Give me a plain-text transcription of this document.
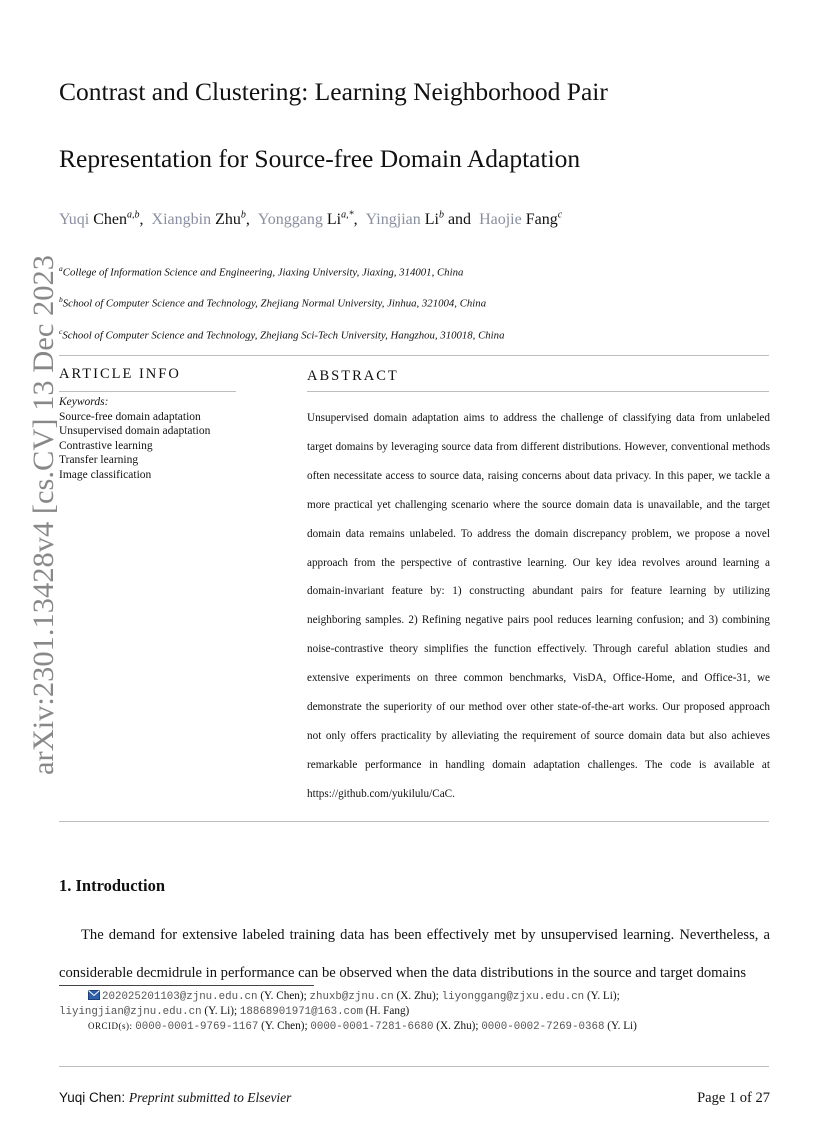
arXiv:2301.13428v4 [cs.CV] 13 Dec 2023
Contrast and Clustering: Learning Neighborhood Pair
Representation for Source-free Domain Adaptation
Yuqi Chen$^{a,b}$, Xiangbin Zhu$^b$, Yonggang $Li^{a,*}$, Yingjian Li$^b$ and Haojie Fang$^c$
$^a$College of Information Science and Engineering, Jiaxing University, Jiaxing, 314001, China
$^b$School of Computer Science and Technology, Zhejiang Normal University, Jinhua, 321004, China
$^c$School of Computer Science and Technology, Zhejiang Sci-Tech University, Hangzhou, 310018, China
ARTICLE INFO
Keywords:
Source-free domain adaptation
Unsupervised domain adaptation
Contrastive learning
Transfer learning
Image classification
ABSTRACT
Unsupervised domain adaptation aims to address the challenge of classifying data from unlabeled target domains by leveraging source data from different distributions. However, conventional methods often necessitate access to source data, raising concerns about data privacy. In this paper, we tackle a more practical yet challenging scenario where the source domain data is unavailable, and the target domain data remains unlabeled. To address the domain discrepancy problem, we propose a novel approach from the perspective of contrastive learning. Our key idea revolves around learning a domain-invariant feature by: 1) constructing abundant pairs for feature learning by utilizing neighboring samples. 2) Refining negative pairs pool reduces learning confusion; and 3) combining noise-contrastive theory simplifies the function effectively. Through careful ablation studies and extensive experiments on three common benchmarks, VisDA, Office-Home, and Office-31, we demonstrate the superiority of our method over other state-of-the-art works. Our proposed approach not only offers practicality by alleviating the requirement of source domain data but also achieves remarkable performance in handling domain adaptation challenges. The code is available at https://github.com/yukilulu/CaC.
1. Introduction
The demand for extensive labeled training data has been effectively met by unsupervised learning. Nevertheless, a considerable decmidrule in performance can be observed when the data distributions in the source and target domains
202025201103@zjnu.edu.cn (Y. Chen); zhuxb@zjnu.cn (X. Zhu); liyonggang@zjxu.edu.cn (Y. Li);
liyingjian@zjnu.edu.cn (Y. Li); 18868901971@163.com (H. Fang)
ORCID(s): 0000-0001-9769-1167 (Y. Chen); 0000-0001-7281-6680 (X. Zhu); 0000-0002-7269-0368 (Y. Li)
Yuqi Chen: Preprint submitted to Elsevier	Page 1 of 27
